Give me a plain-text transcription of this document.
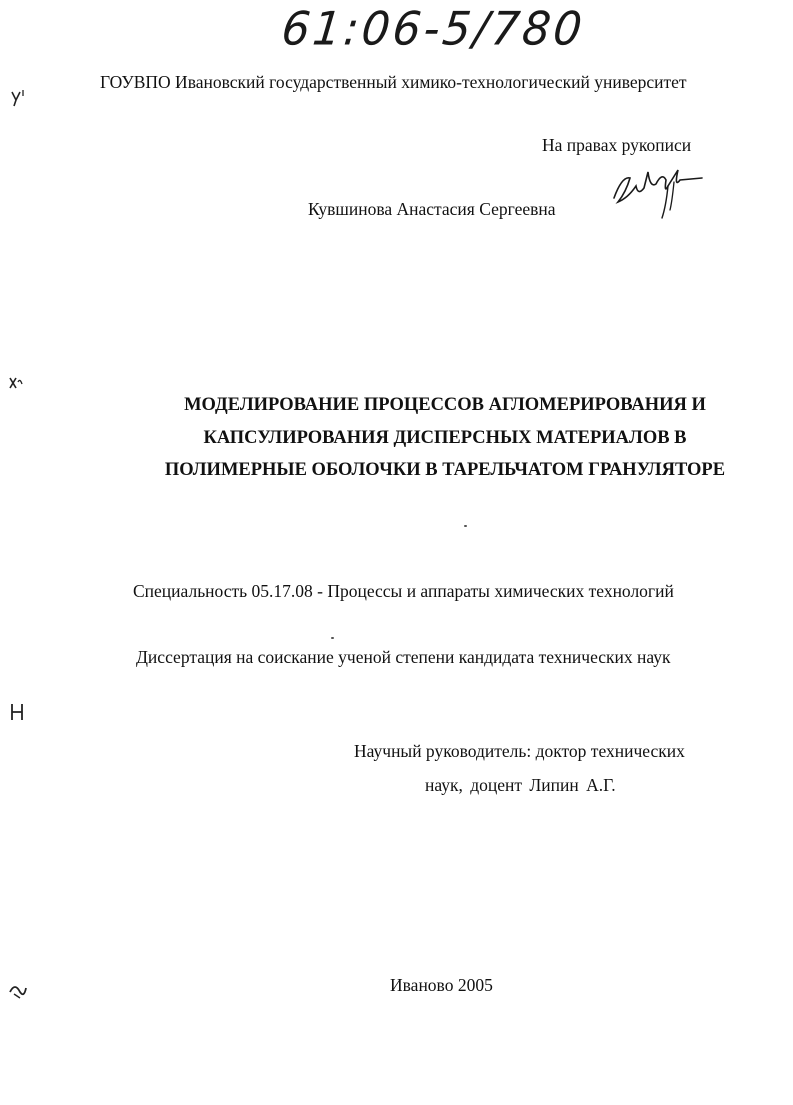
61:06-5/780
ГОУВПО Ивановский государственный химико-технологический университет
На правах рукописи
Кувшинова Анастасия Сергеевна
МОДЕЛИРОВАНИЕ ПРОЦЕССОВ АГЛОМЕРИРОВАНИЯ И
КАПСУЛИРОВАНИЯ ДИСПЕРСНЫХ МАТЕРИАЛОВ В
ПОЛИМЕРНЫЕ ОБОЛОЧКИ В ТАРЕЛЬЧАТОМ ГРАНУЛЯТОРЕ
Специальность 05.17.08 - Процессы и аппараты химических технологий
Диссертация на соискание ученой степени кандидата технических наук
Научный руководитель: доктор технических
наук, доцент Липин А.Г.
Иваново 2005
